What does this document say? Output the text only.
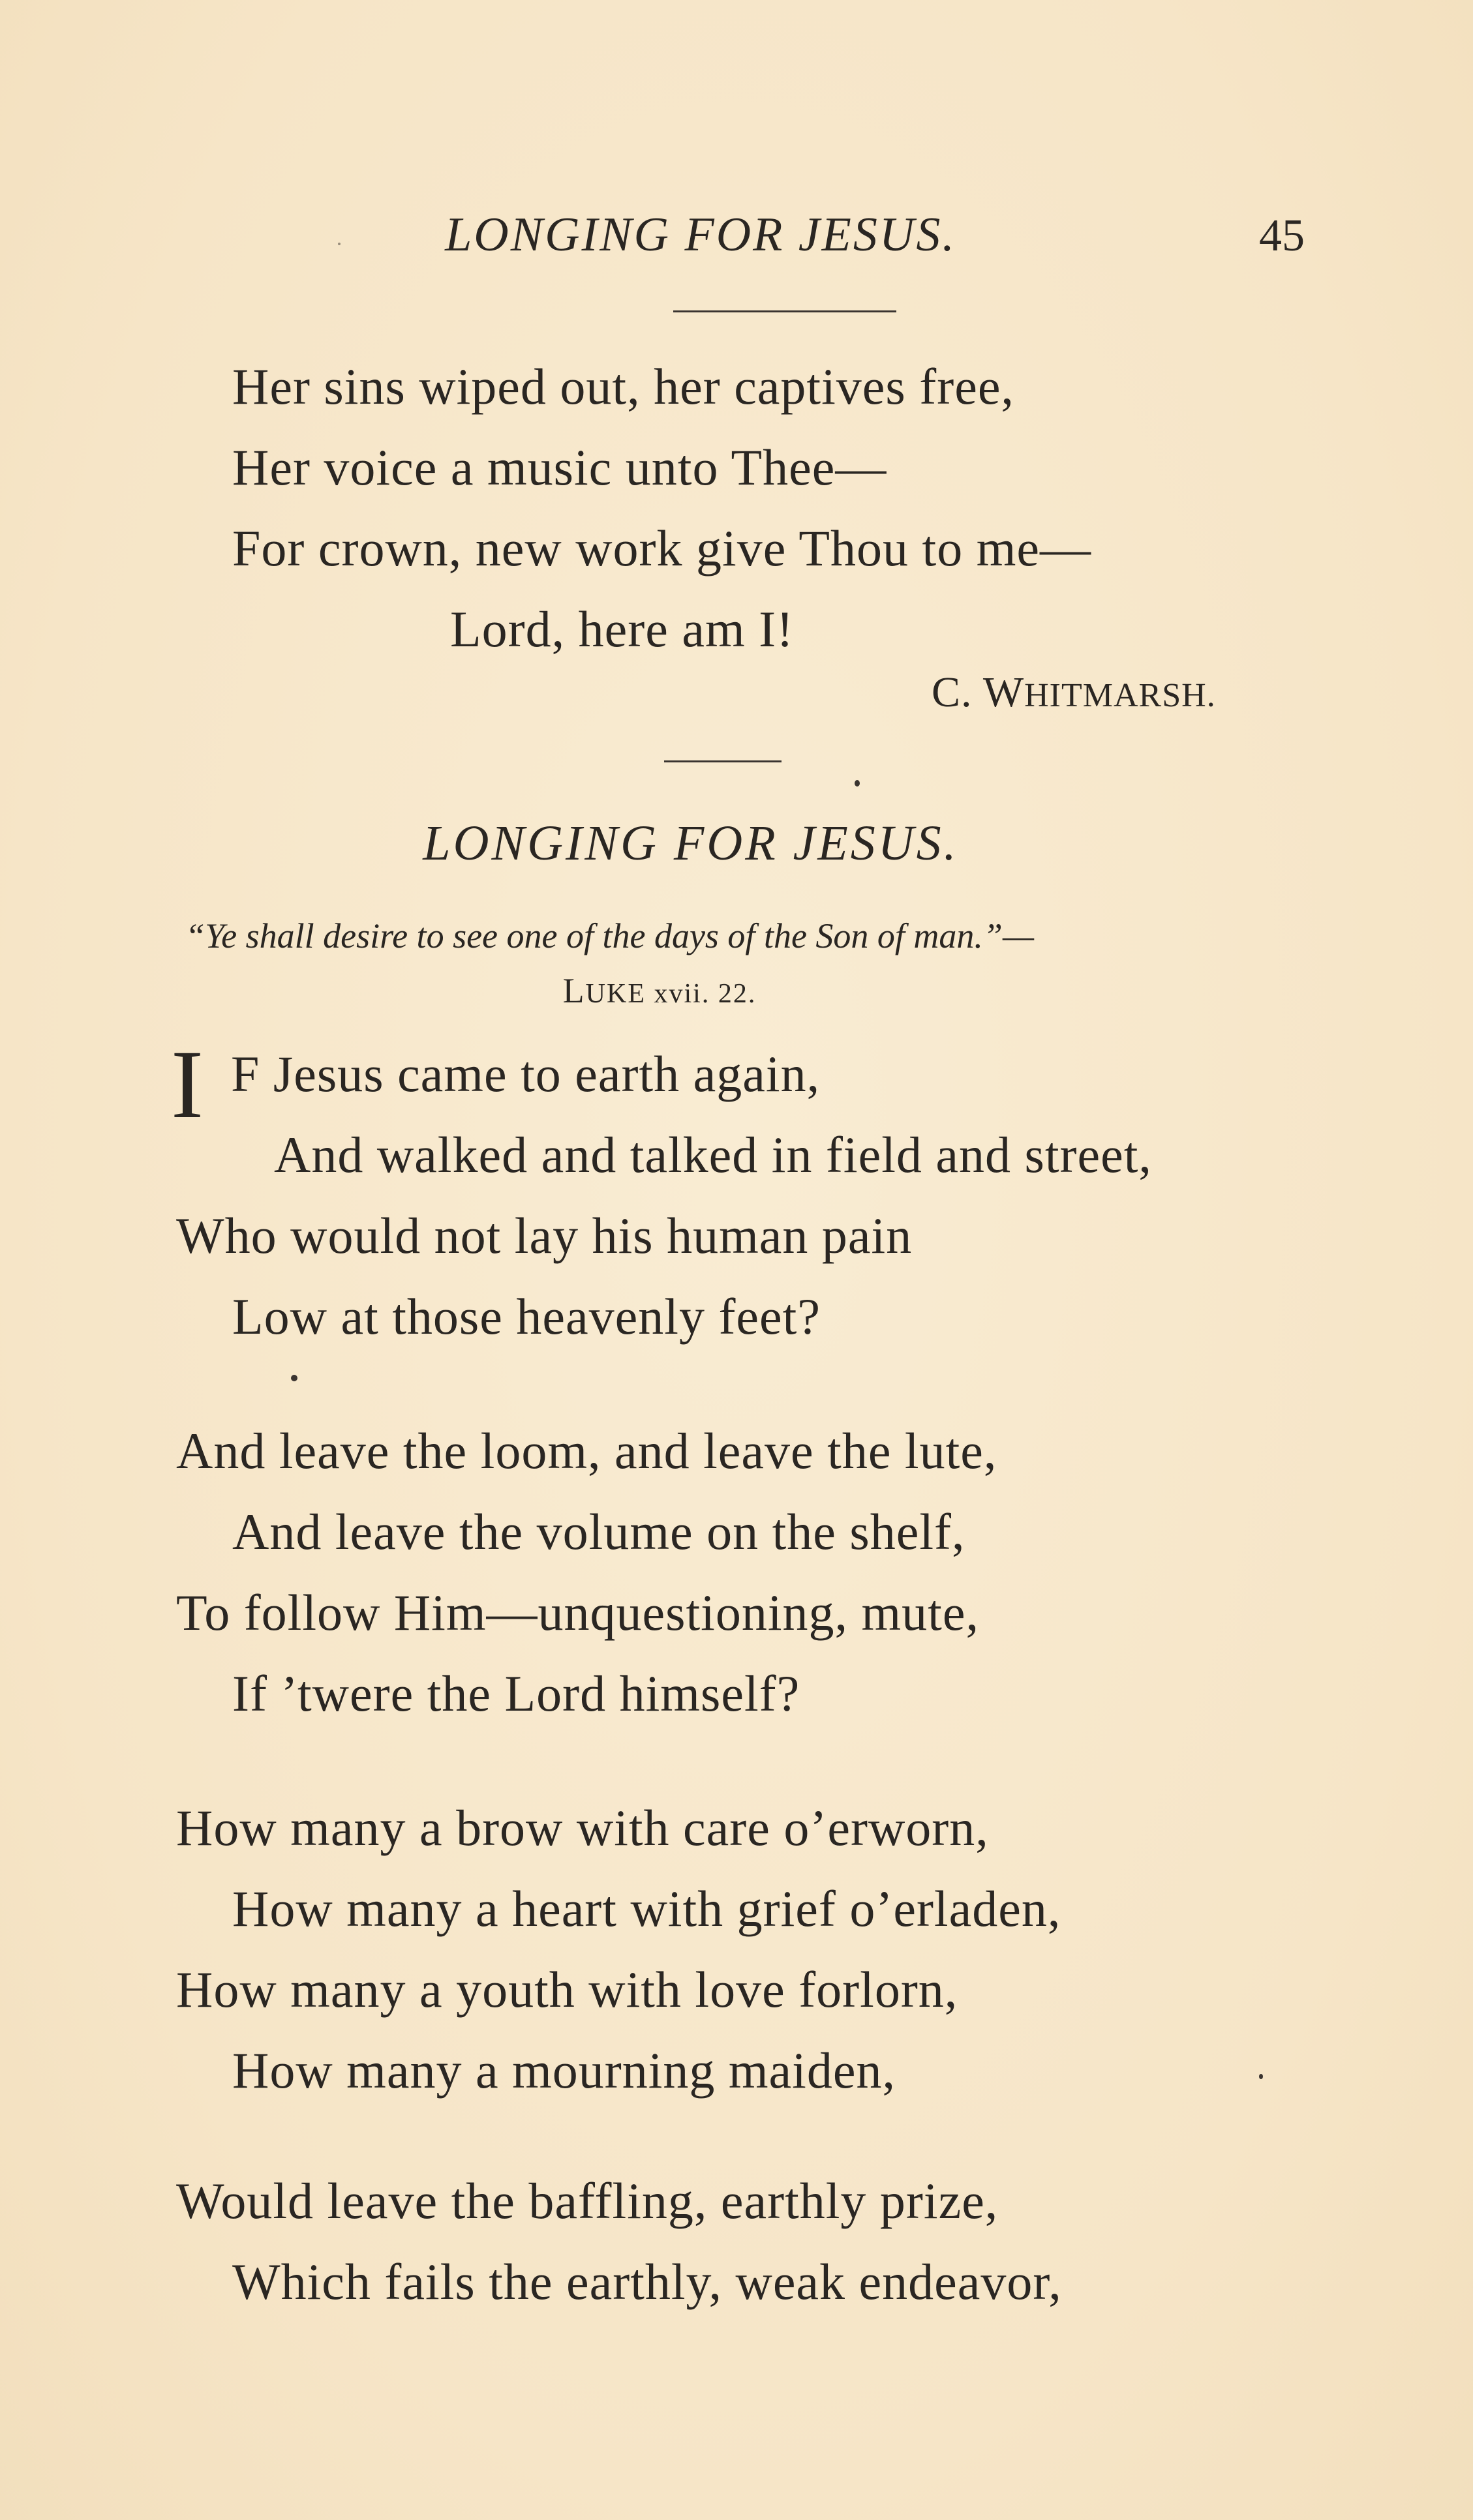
LONGING FOR JESUS.	45
Her sins wiped out, her captives free,
Her voice a music unto Thee—
For crown, new work give Thou to me—
Lord, here am I!
C. WHITMARSH.
LONGING FOR JESUS.
“Ye shall desire to see one of the days of the Son of man.”—
LUKE xvii. 22.
I F Jesus came to earth again,
And walked and talked in field and street,
Who would not lay his human pain
Low at those heavenly feet?
And leave the loom, and leave the lute,
And leave the volume on the shelf,
To follow Him—unquestioning, mute,
If ’twere the Lord himself?
How many a brow with care o’erworn,
How many a heart with grief o’erladen,
How many a youth with love forlorn,
How many a mourning maiden,
Would leave the baffling, earthly prize,
Which fails the earthly, weak endeavor,
